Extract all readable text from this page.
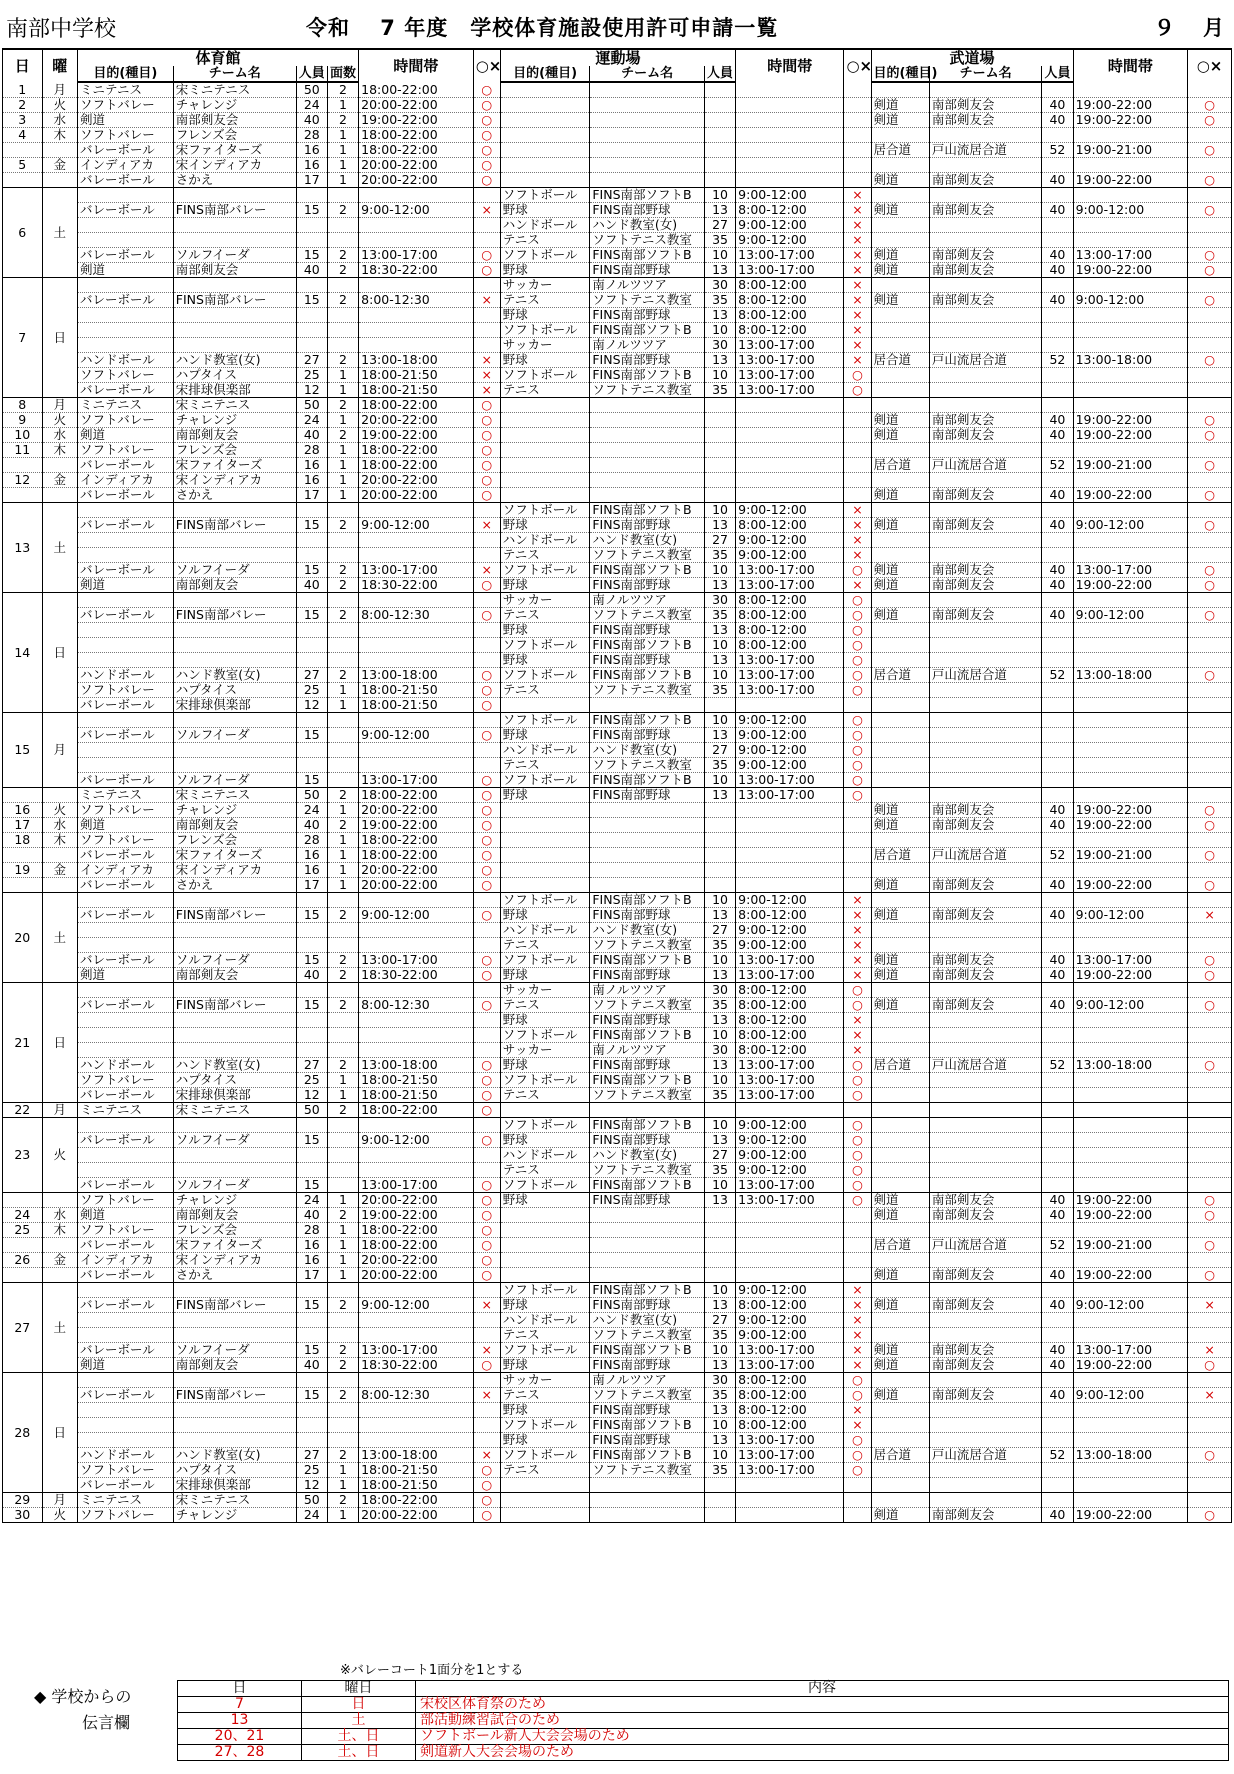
南部中学校	令和　 7 年度　学校体育施設使用許可申請一覧	９　 月
日	曜	体育館				時間帯	○×	運動場			時間帯	○×	武道場			時間帯	○×
		目的(種目)	チーム名	人員	面数			目的(種目)	チーム名	人員			目的(種目)	チーム名	人員		
1	月	ミニテニス	宋ミニテニス	50	2	18:00-22:00	○										
2	火	ソフトバレー	チャレンジ	24	1	20:00-22:00	○						剣道	南部剣友会	40	19:00-22:00	○
3	水	剣道	南部剣友会	40	2	19:00-22:00	○						剣道	南部剣友会	40	19:00-22:00	○
4	木	ソフトバレー	フレンズ会	28	1	18:00-22:00	○										
		バレーボール	宋ファイターズ	16	1	18:00-22:00	○						居合道	戸山流居合道	52	19:00-21:00	○
5	金	インディアカ	宋インディアカ	16	1	20:00-22:00	○										
		バレーボール	さかえ	17	1	20:00-22:00	○						剣道	南部剣友会	40	19:00-22:00	○
6	土							ソフトボール	FINS南部ソフトB	10	9:00-12:00	×					
		バレーボール	FINS南部バレー	15	2	9:00-12:00	×	野球	FINS南部野球	13	8:00-12:00	×	剣道	南部剣友会	40	9:00-12:00	○
								ハンドボール	ハンド教室(女)	27	9:00-12:00	×					
								テニス	ソフトテニス教室	35	9:00-12:00	×					
		バレーボール	ソルフイーダ	15	2	13:00-17:00	○	ソフトボール	FINS南部ソフトB	10	13:00-17:00	×	剣道	南部剣友会	40	13:00-17:00	○
		剣道	南部剣友会	40	2	18:30-22:00	○	野球	FINS南部野球	13	13:00-17:00	×	剣道	南部剣友会	40	19:00-22:00	○
7	日							サッカー	南ノルツツア	30	8:00-12:00	×					
		バレーボール	FINS南部バレー	15	2	8:00-12:30	×	テニス	ソフトテニス教室	35	8:00-12:00	×	剣道	南部剣友会	40	9:00-12:00	○
								野球	FINS南部野球	13	8:00-12:00	×					
								ソフトボール	FINS南部ソフトB	10	8:00-12:00	×					
								サッカー	南ノルツツア	30	13:00-17:00	×					
		ハンドボール	ハンド教室(女)	27	2	13:00-18:00	×	野球	FINS南部野球	13	13:00-17:00	×	居合道	戸山流居合道	52	13:00-18:00	○
		ソフトバレー	ハプタイス	25	1	18:00-21:50	×	ソフトボール	FINS南部ソフトB	10	13:00-17:00	○					
		バレーボール	宋排球倶楽部	12	1	18:00-21:50	×	テニス	ソフトテニス教室	35	13:00-17:00	○					
8	月	ミニテニス	宋ミニテニス	50	2	18:00-22:00	○										
9	火	ソフトバレー	チャレンジ	24	1	20:00-22:00	○						剣道	南部剣友会	40	19:00-22:00	○
10	水	剣道	南部剣友会	40	2	19:00-22:00	○						剣道	南部剣友会	40	19:00-22:00	○
11	木	ソフトバレー	フレンズ会	28	1	18:00-22:00	○										
		バレーボール	宋ファイターズ	16	1	18:00-22:00	○						居合道	戸山流居合道	52	19:00-21:00	○
12	金	インディアカ	宋インディアカ	16	1	20:00-22:00	○										
		バレーボール	さかえ	17	1	20:00-22:00	○						剣道	南部剣友会	40	19:00-22:00	○
13	土							ソフトボール	FINS南部ソフトB	10	9:00-12:00	×					
		バレーボール	FINS南部バレー	15	2	9:00-12:00	×	野球	FINS南部野球	13	8:00-12:00	×	剣道	南部剣友会	40	9:00-12:00	○
								ハンドボール	ハンド教室(女)	27	9:00-12:00	×					
								テニス	ソフトテニス教室	35	9:00-12:00	×					
		バレーボール	ソルフイーダ	15	2	13:00-17:00	×	ソフトボール	FINS南部ソフトB	10	13:00-17:00	○	剣道	南部剣友会	40	13:00-17:00	○
		剣道	南部剣友会	40	2	18:30-22:00	○	野球	FINS南部野球	13	13:00-17:00	×	剣道	南部剣友会	40	19:00-22:00	○
14	日							サッカー	南ノルツツア	30	8:00-12:00	○					
		バレーボール	FINS南部バレー	15	2	8:00-12:30	○	テニス	ソフトテニス教室	35	8:00-12:00	○	剣道	南部剣友会	40	9:00-12:00	○
								野球	FINS南部野球	13	8:00-12:00	○					
								ソフトボール	FINS南部ソフトB	10	8:00-12:00	○					
								野球	FINS南部野球	13	13:00-17:00	○					
		ハンドボール	ハンド教室(女)	27	2	13:00-18:00	○	ソフトボール	FINS南部ソフトB	10	13:00-17:00	○	居合道	戸山流居合道	52	13:00-18:00	○
		ソフトバレー	ハプタイス	25	1	18:00-21:50	○	テニス	ソフトテニス教室	35	13:00-17:00	○					
		バレーボール	宋排球倶楽部	12	1	18:00-21:50	○										
15	月							ソフトボール	FINS南部ソフトB	10	9:00-12:00	○					
		バレーボール	ソルフイーダ	15		9:00-12:00	○	野球	FINS南部野球	13	9:00-12:00	○					
								ハンドボール	ハンド教室(女)	27	9:00-12:00	○					
								テニス	ソフトテニス教室	35	9:00-12:00	○					
		バレーボール	ソルフイーダ	15		13:00-17:00	○	ソフトボール	FINS南部ソフトB	10	13:00-17:00	○					
		ミニテニス	宋ミニテニス	50	2	18:00-22:00	○	野球	FINS南部野球	13	13:00-17:00	○					
16	火	ソフトバレー	チャレンジ	24	1	20:00-22:00	○						剣道	南部剣友会	40	19:00-22:00	○
17	水	剣道	南部剣友会	40	2	19:00-22:00	○						剣道	南部剣友会	40	19:00-22:00	○
18	木	ソフトバレー	フレンズ会	28	1	18:00-22:00	○										
		バレーボール	宋ファイターズ	16	1	18:00-22:00	○						居合道	戸山流居合道	52	19:00-21:00	○
19	金	インディアカ	宋インディアカ	16	1	20:00-22:00	○										
		バレーボール	さかえ	17	1	20:00-22:00	○						剣道	南部剣友会	40	19:00-22:00	○
20	土							ソフトボール	FINS南部ソフトB	10	9:00-12:00	×					
		バレーボール	FINS南部バレー	15	2	9:00-12:00	○	野球	FINS南部野球	13	8:00-12:00	×	剣道	南部剣友会	40	9:00-12:00	×
								ハンドボール	ハンド教室(女)	27	9:00-12:00	×					
								テニス	ソフトテニス教室	35	9:00-12:00	×					
		バレーボール	ソルフイーダ	15	2	13:00-17:00	○	ソフトボール	FINS南部ソフトB	10	13:00-17:00	×	剣道	南部剣友会	40	13:00-17:00	○
		剣道	南部剣友会	40	2	18:30-22:00	○	野球	FINS南部野球	13	13:00-17:00	×	剣道	南部剣友会	40	19:00-22:00	○
21	日							サッカー	南ノルツツア	30	8:00-12:00	○					
		バレーボール	FINS南部バレー	15	2	8:00-12:30	○	テニス	ソフトテニス教室	35	8:00-12:00	○	剣道	南部剣友会	40	9:00-12:00	○
								野球	FINS南部野球	13	8:00-12:00	×					
								ソフトボール	FINS南部ソフトB	10	8:00-12:00	×					
								サッカー	南ノルツツア	30	8:00-12:00	×					
		ハンドボール	ハンド教室(女)	27	2	13:00-18:00	○	野球	FINS南部野球	13	13:00-17:00	○	居合道	戸山流居合道	52	13:00-18:00	○
		ソフトバレー	ハプタイス	25	1	18:00-21:50	○	ソフトボール	FINS南部ソフトB	10	13:00-17:00	○					
		バレーボール	宋排球倶楽部	12	1	18:00-21:50	○	テニス	ソフトテニス教室	35	13:00-17:00	○					
22	月	ミニテニス	宋ミニテニス	50	2	18:00-22:00	○										
23	火							ソフトボール	FINS南部ソフトB	10	9:00-12:00	○					
		バレーボール	ソルフイーダ	15		9:00-12:00	○	野球	FINS南部野球	13	9:00-12:00	○					
								ハンドボール	ハンド教室(女)	27	9:00-12:00	○					
								テニス	ソフトテニス教室	35	9:00-12:00	○					
		バレーボール	ソルフイーダ	15		13:00-17:00	○	ソフトボール	FINS南部ソフトB	10	13:00-17:00	○					
		ソフトバレー	チャレンジ	24	1	20:00-22:00	○	野球	FINS南部野球	13	13:00-17:00	○	剣道	南部剣友会	40	19:00-22:00	○
24	水	剣道	南部剣友会	40	2	19:00-22:00	○						剣道	南部剣友会	40	19:00-22:00	○
25	木	ソフトバレー	フレンズ会	28	1	18:00-22:00	○										
		バレーボール	宋ファイターズ	16	1	18:00-22:00	○						居合道	戸山流居合道	52	19:00-21:00	○
26	金	インディアカ	宋インディアカ	16	1	20:00-22:00	○										
		バレーボール	さかえ	17	1	20:00-22:00	○						剣道	南部剣友会	40	19:00-22:00	○
27	土							ソフトボール	FINS南部ソフトB	10	9:00-12:00	×					
		バレーボール	FINS南部バレー	15	2	9:00-12:00	×	野球	FINS南部野球	13	8:00-12:00	×	剣道	南部剣友会	40	9:00-12:00	×
								ハンドボール	ハンド教室(女)	27	9:00-12:00	×					
								テニス	ソフトテニス教室	35	9:00-12:00	×					
		バレーボール	ソルフイーダ	15	2	13:00-17:00	×	ソフトボール	FINS南部ソフトB	10	13:00-17:00	×	剣道	南部剣友会	40	13:00-17:00	×
		剣道	南部剣友会	40	2	18:30-22:00	○	野球	FINS南部野球	13	13:00-17:00	×	剣道	南部剣友会	40	19:00-22:00	○
28	日							サッカー	南ノルツツア	30	8:00-12:00	○					
		バレーボール	FINS南部バレー	15	2	8:00-12:30	×	テニス	ソフトテニス教室	35	8:00-12:00	○	剣道	南部剣友会	40	9:00-12:00	×
								野球	FINS南部野球	13	8:00-12:00	×					
								ソフトボール	FINS南部ソフトB	10	8:00-12:00	×					
								野球	FINS南部野球	13	13:00-17:00	○					
		ハンドボール	ハンド教室(女)	27	2	13:00-18:00	×	ソフトボール	FINS南部ソフトB	10	13:00-17:00	○	居合道	戸山流居合道	52	13:00-18:00	○
		ソフトバレー	ハプタイス	25	1	18:00-21:50	○	テニス	ソフトテニス教室	35	13:00-17:00	○					
		バレーボール	宋排球倶楽部	12	1	18:00-21:50	○										
29	月	ミニテニス	宋ミニテニス	50	2	18:00-22:00	○										
30	火	ソフトバレー	チャレンジ	24	1	20:00-22:00	○						剣道	南部剣友会	40	19:00-22:00	○
※バレーコート1面分を1とする
◆ 学校からの
伝言欄
日	曜日	内容
7	日	宋校区体育祭のため
13	土	部活動練習試合のため
20、21	土、日	ソフトボール新人大会会場のため
27、28	土、日	剣道新人大会会場のため
